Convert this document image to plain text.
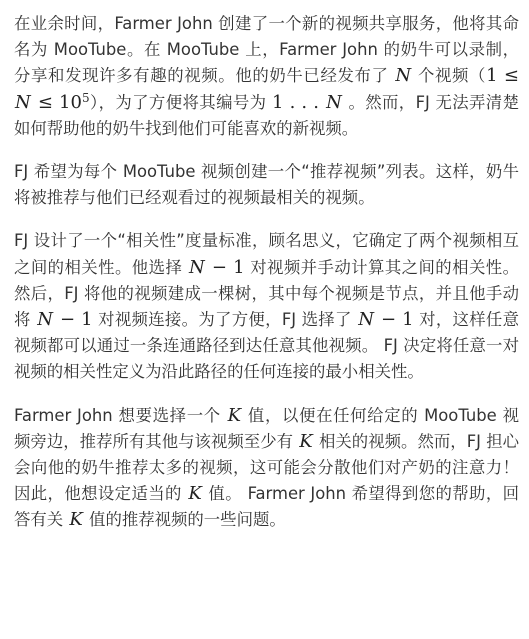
在业余时间，Farmer John 创建了一个新的视频共享服务，他将其命名为 MooTube。在 MooTube 上，Farmer John 的奶牛可以录制，分享和发现许多有趣的视频。他的奶牛已经发布了 N 个视频$(1 \le N \le 10^5)$，为了方便将其编号为 1 . . . N 。然而，FJ 无法弄清楚如何帮助他的奶牛找到他们可能喜欢的新视频。

FJ 希望为每个 MooTube 视频创建一个“推荐视频”列表。这样，奶牛将被推荐与他们已经观看过的视频最相关的视频。

FJ 设计了一个“相关性”度量标准，顾名思义，它确定了两个视频相互之间的相关性。他选择 N − 1 对视频并手动计算其之间的相关性。然后，FJ 将他的视频建成一棵树，其中每个视频是节点，并且他手动将 N − 1 对视频连接。为了方便，FJ 选择了 N − 1 对，这样任意视频都可以通过一条连通路径到达任意其他视频。 FJ 决定将任意一对视频的相关性定义为沿此路径的任何连接的最小相关性。

Farmer John 想要选择一个 K 值，以便在任何给定的 MooTube 视频旁边，推荐所有其他与该视频至少有 K 相关的视频。然而，FJ 担心会向他的奶牛推荐太多的视频，这可能会分散他们对产奶的注意力！因此，他想设定适当的 K 值。 Farmer John 希望得到您的帮助，回答有关 K 值的推荐视频的一些问题。
